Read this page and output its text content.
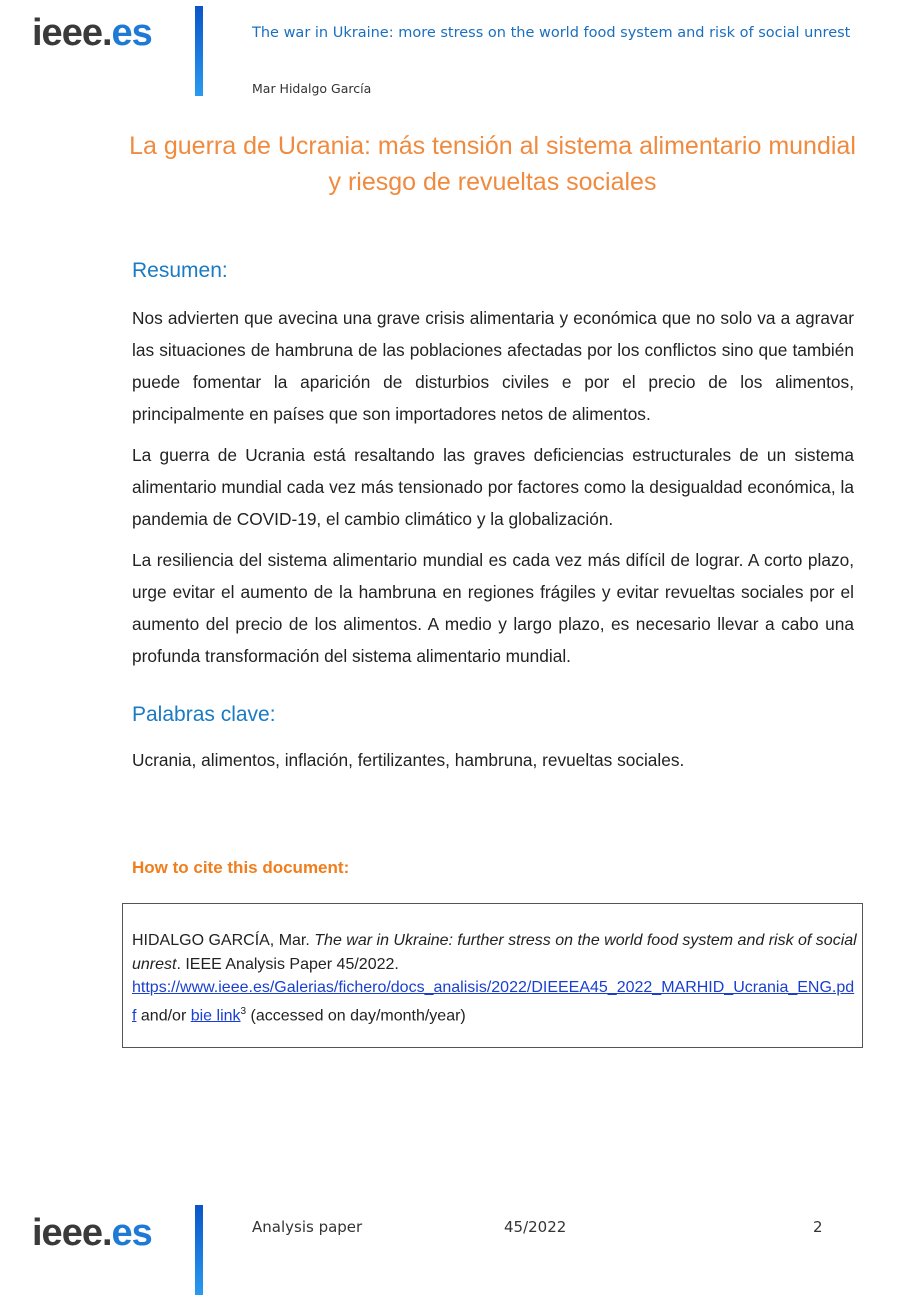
ieee.es	The war in Ukraine: more stress on the world food system and risk of social unrest
Mar Hidalgo García
La guerra de Ucrania: más tensión al sistema alimentario mundial
y riesgo de revueltas sociales
Resumen:
Nos advierten que avecina una grave crisis alimentaria y económica que no solo va a agravar las situaciones de hambruna de las poblaciones afectadas por los conflictos sino que también puede fomentar la aparición de disturbios civiles e por el precio de los alimentos, principalmente en países que son importadores netos de alimentos.
La guerra de Ucrania está resaltando las graves deficiencias estructurales de un sistema alimentario mundial cada vez más tensionado por factores como la desigualdad económica, la pandemia de COVID-19, el cambio climático y la globalización.
La resiliencia del sistema alimentario mundial es cada vez más difícil de lograr. A corto plazo, urge evitar el aumento de la hambruna en regiones frágiles y evitar revueltas sociales por el aumento del precio de los alimentos. A medio y largo plazo, es necesario llevar a cabo una profunda transformación del sistema alimentario mundial.
Palabras clave:
Ucrania, alimentos, inflación, fertilizantes, hambruna, revueltas sociales.
How to cite this document:
HIDALGO GARCÍA, Mar. The war in Ukraine: further stress on the world food system and risk of social unrest. IEEE Analysis Paper 45/2022.
https://www.ieee.es/Galerias/fichero/docs_analisis/2022/DIEEEA45_2022_MARHID_Ucrania_ENG.pdf and/or bie link$^3$ (accessed on day/month/year)
ieee.es	Analysis paper	45/2022	2
